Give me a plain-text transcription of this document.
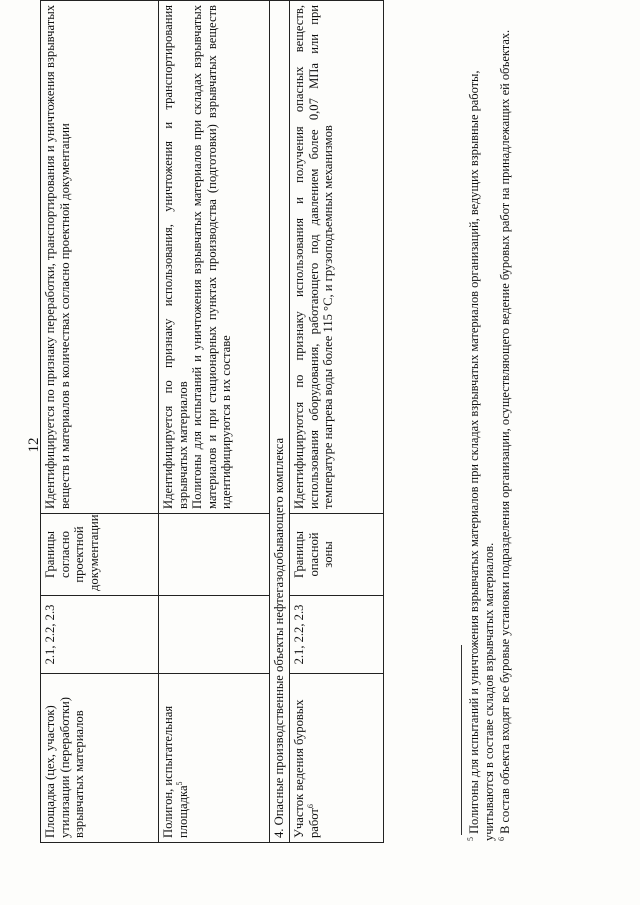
12
Площадка (цех, участок) утилизации (переработки) взрывчатых материалов	2.1, 2.2, 2.3	Границы согласно проектной документации	Идентифицируется по признаку переработки, транспортирования и уничтожения взрывчатых веществ и материалов в количествах согласно проектной документации
Полигон, испытательная площадка$^5$			Идентифицируется по признаку использования, уничтожения и транспортирования взрывчатых материалов Полигоны для испытаний и уничтожения взрывчатых материалов при складах взрывчатых материалов и при стационарных пунктах производства (подготовки) взрывчатых веществ идентифицируются в их составе

4. Опасные производственные объекты нефтегазодобывающего комплекса			
Участок ведения буровых работ$^6$	2.1, 2.2, 2.3	Границы опасной зоны	Идентифицируются по признаку использования и получения опасных веществ, использования оборудования, работающего под давлением более 0,07 МПа или при температуре нагрева воды более 115 °С, и грузоподъемных механизмов

$^5$ Полигоны для испытаний и уничтожения взрывчатых материалов при складах взрывчатых материалов организаций, ведущих взрывные работы, учитываются в составе складов взрывчатых материалов. $^6$ В состав объекта входят все буровые установки подразделения организации, осуществляющего ведение буровых работ на принадлежащих ей объектах.
